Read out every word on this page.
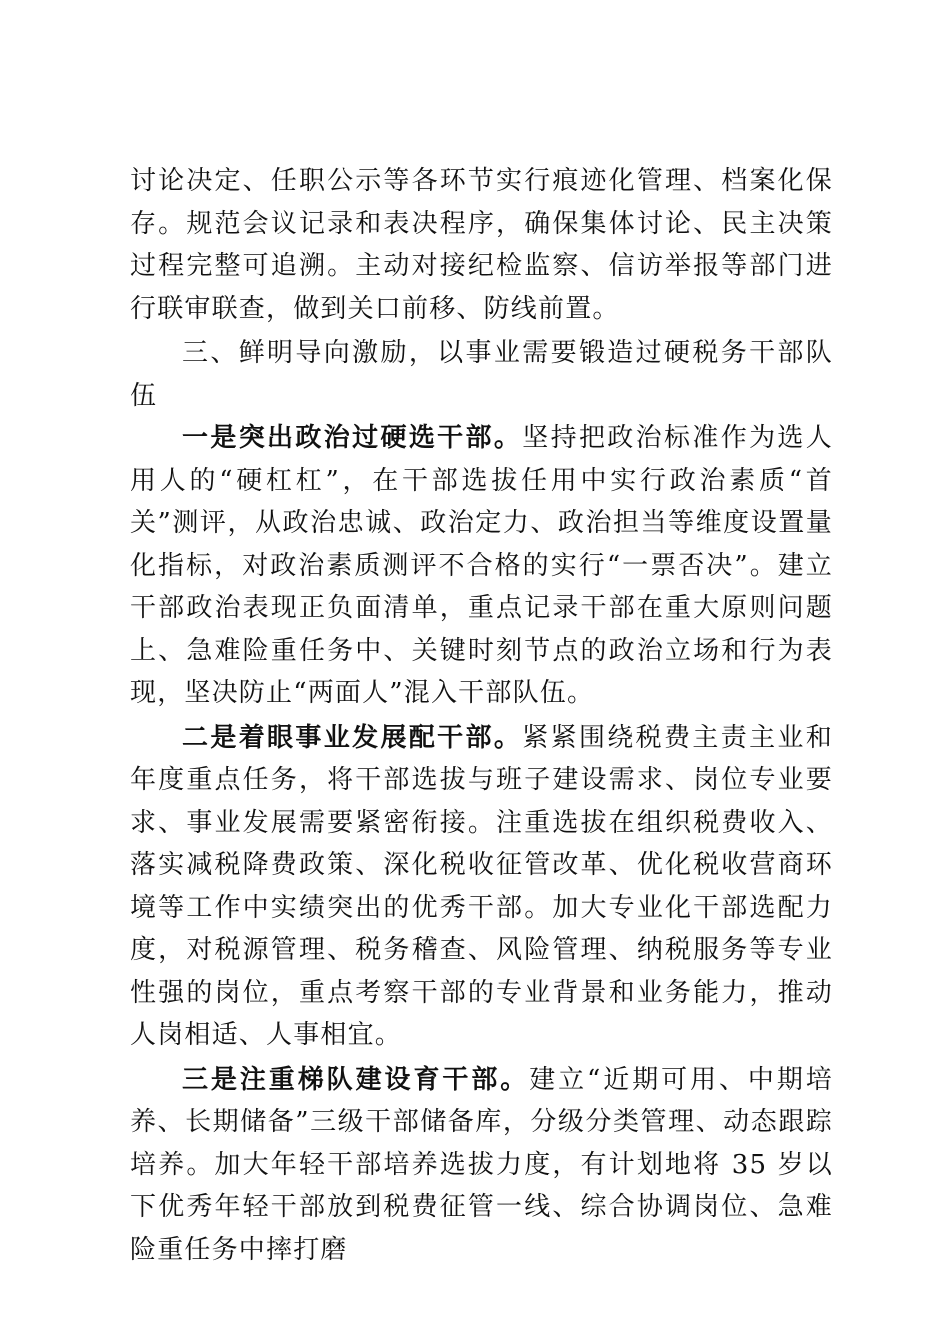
讨论决定、任职公示等各环节实行痕迹化管理、档案化保存。规范会议记录和表决程序，确保集体讨论、民主决策过程完整可追溯。主动对接纪检监察、信访举报等部门进行联审联查，做到关口前移、防线前置。

三、鲜明导向激励，以事业需要锻造过硬税务干部队伍

一是突出政治过硬选干部。坚持把政治标准作为选人用人的“硬杠杠”，在干部选拔任用中实行政治素质“首关”测评，从政治忠诚、政治定力、政治担当等维度设置量化指标，对政治素质测评不合格的实行“一票否决”。建立干部政治表现正负面清单，重点记录干部在重大原则问题上、急难险重任务中、关键时刻节点的政治立场和行为表现，坚决防止“两面人”混入干部队伍。

二是着眼事业发展配干部。紧紧围绕税费主责主业和年度重点任务，将干部选拔与班子建设需求、岗位专业要求、事业发展需要紧密衔接。注重选拔在组织税费收入、落实减税降费政策、深化税收征管改革、优化税收营商环境等工作中实绩突出的优秀干部。加大专业化干部选配力度，对税源管理、税务稽查、风险管理、纳税服务等专业性强的岗位，重点考察干部的专业背景和业务能力，推动人岗相适、人事相宜。

三是注重梯队建设育干部。建立“近期可用、中期培养、长期储备”三级干部储备库，分级分类管理、动态跟踪培养。加大年轻干部培养选拔力度，有计划地将 35 岁以下优秀年轻干部放到税费征管一线、综合协调岗位、急难险重任务中摔打磨
